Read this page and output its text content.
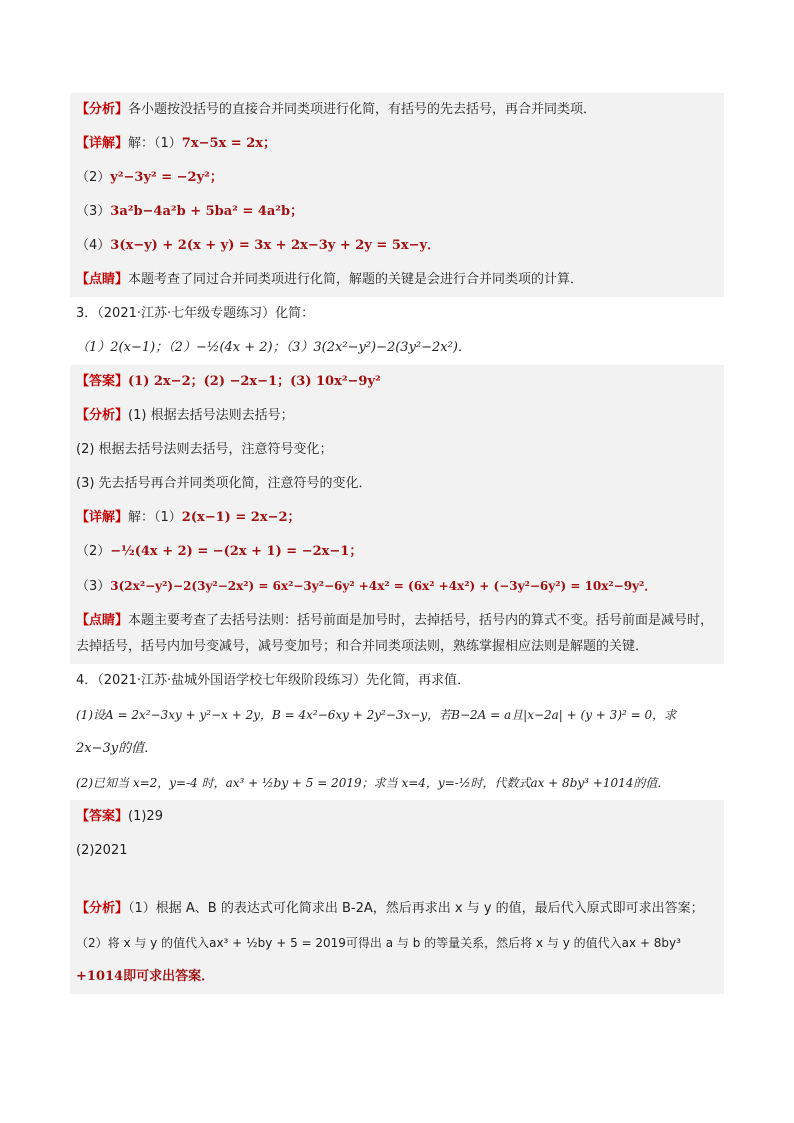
【分析】各小题按没括号的直接合并同类项进行化简，有括号的先去括号，再合并同类项．
【详解】解：（1）7x−5x = 2x；
（2）y²−3y² = −2y²；
（3）3a²b−4a²b + 5ba² = 4a²b；
（4）3(x−y) + 2(x + y) = 3x + 2x−3y + 2y = 5x−y．
【点睛】本题考查了同过合并同类项进行化简，解题的关键是会进行合并同类项的计算．
3．（2021·江苏·七年级专题练习）化简：
（1）2(x−1)；（2）−½(4x + 2)；（3）3(2x²−y²)−2(3y²−2x²)．
【答案】(1) 2x−2；(2) −2x−1；(3) 10x²−9y²
【分析】(1) 根据去括号法则去括号；
(2) 根据去括号法则去括号，注意符号变化；
(3) 先去括号再合并同类项化简，注意符号的变化．
【详解】解：（1）2(x−1) = 2x−2；
（2）−½(4x + 2) = −(2x + 1) = −2x−1；
（3）3(2x²−y²)−2(3y²−2x²) = 6x²−3y²−6y² +4x² = (6x² +4x²) + (−3y²−6y²) = 10x²−9y²．
【点睛】本题主要考查了去括号法则：括号前面是加号时，去掉括号，括号内的算式不变。括号前面是减号时，去掉括号，括号内加号变减号，减号变加号；和合并同类项法则，熟练掌握相应法则是解题的关键．
4．（2021·江苏·盐城外国语学校七年级阶段练习）先化简，再求值．
(1)设A = 2x²−3xy + y²−x + 2y，B = 4x²−6xy + 2y²−3x−y，若B−2A = a且|x−2a| + (y + 3)² = 0，求
2x−3y的值．
(2)已知当 x=2，y=-4 时，ax³ + ½by + 5 = 2019；求当 x=4，y=-½时，代数式ax + 8by³ +1014的值．
【答案】(1)29
(2)2021
【分析】（1）根据 A、B 的表达式可化简求出 B-2A，然后再求出 x 与 y 的值，最后代入原式即可求出答案；
（2）将 x 与 y 的值代入ax³ + ½by + 5 = 2019可得出 a 与 b 的等量关系，然后将 x 与 y 的值代入ax + 8by³
+1014即可求出答案．
